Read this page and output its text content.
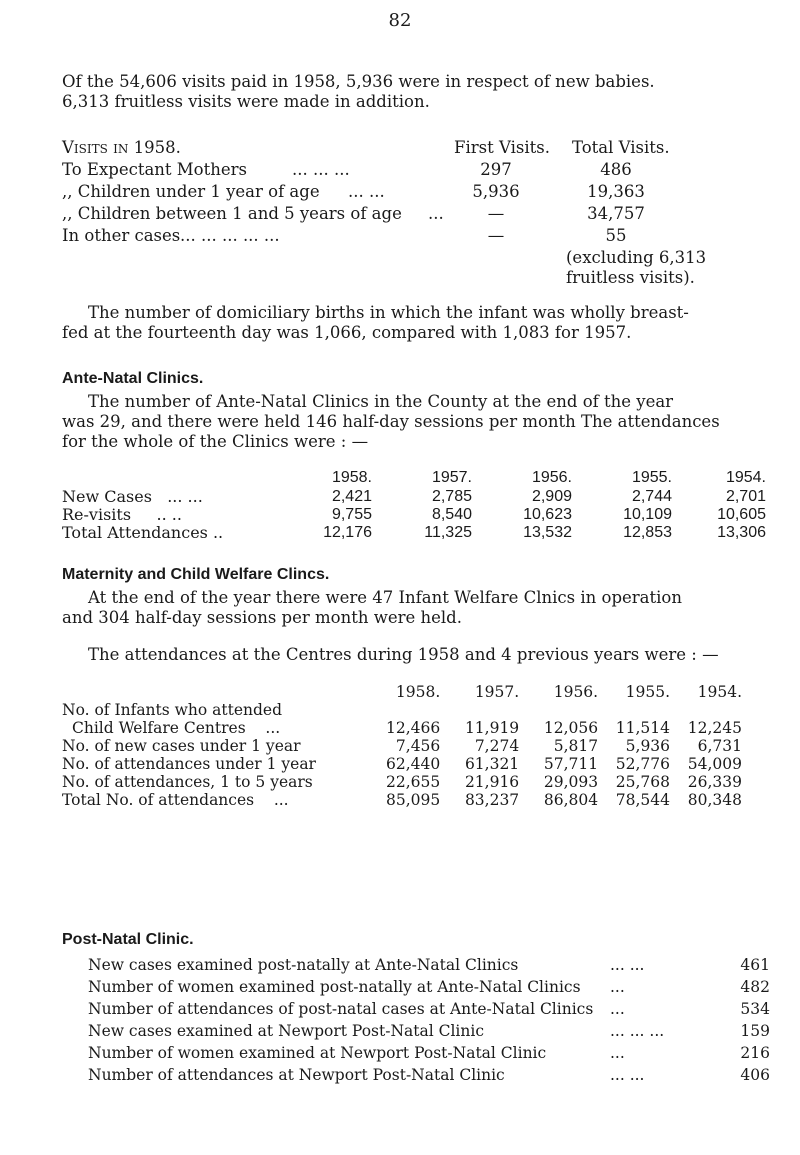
82
Of the 54,606 visits paid in 1958, 5,936 were in respect of new babies.
6,313 fruitless visits were made in addition.
Visits in 1958.	First Visits. Total Visits.
To Expectant Mothers	... ... ...	297	486
,, Children under 1 year of age ... ...	5,936	19,363
,, Children between 1 and 5 years of age ...	—	34,757
In other cases ... ... ... ... ...	—	55
(excluding 6,313
fruitless visits).
The number of domiciliary births in which the infant was wholly breast-
fed at the fourteenth day was 1,066, compared with 1,083 for 1957.
Ante-Natal Clinics.
The number of Ante-Natal Clinics in the County at the end of the year
was 29, and there were held 146 half-day sessions per month The attendances
for the whole of the Clinics were : —
	1958.	1957.	1956.	1955.	1954.
New Cases ... ...	2,421	2,785	2,909	2,744	2,701
Re-visits .. ..	9,755	8,540	10,623	10,109	10,605
Total Attendances ..	12,176	11,325	13,532	12,853	13,306
Maternity and Child Welfare Clincs.
At the end of the year there were 47 Infant Welfare Clnics in operation
and 304 half-day sessions per month were held.
The attendances at the Centres during 1958 and 4 previous years were : —
	1958.	1957.	1956.	1955.	1954.
No. of Infants who attended					
Child Welfare Centres ...	12,466	11,919	12,056	11,514	12,245
No. of new cases under 1 year	7,456	7,274	5,817	5,936	6,731
No. of attendances under 1 year	62,440	61,321	57,711	52,776	54,009
No. of attendances, 1 to 5 years	22,655	21,916	29,093	25,768	26,339
Total No. of attendances ...	85,095	83,237	86,804	78,544	80,348
Post-Natal Clinic.
New cases examined post-natally at Ante-Natal Clinics	... ...	461
Number of women examined post-natally at Ante-Natal Clinics	...	482
Number of attendances of post-natal cases at Ante-Natal Clinics	...	534
New cases examined at Newport Post-Natal Clinic	... ... ...	159
Number of women examined at Newport Post-Natal Clinic	...	216
Number of attendances at Newport Post-Natal Clinic	... ...	406
